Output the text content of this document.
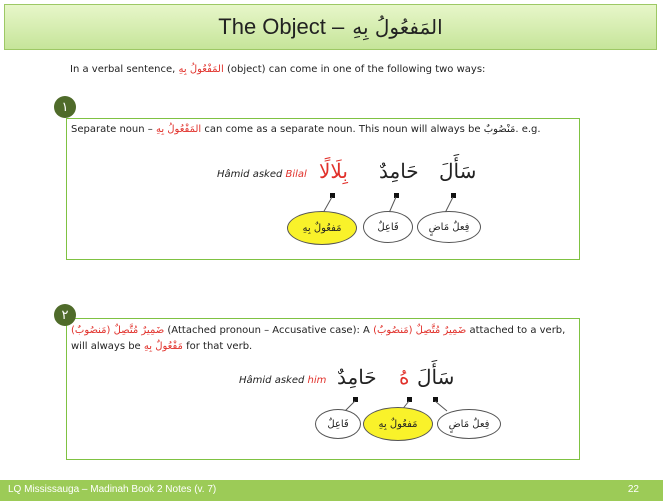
The Object – المَفعُولُ بِهِ
In a verbal sentence, المَفْعُولُ بِهِ (object) can come in one of the following two ways:
Separate noun – المَفْعُولُ بِهِ can come as a separate noun. This noun will always be مَنْصُوبٌ. e.g.
Hâmid asked Bilal بِلَالًا حَامِدٌ سَأَلَ
مَفعُولٌ بِهِ	فَاعِلٌ	فِعلٌ مَاضٍ
١
ضَمِيرٌ مُتَّصِلٌ (مَنصُوبٌ) (Attached pronoun – Accusative case): A ضَمِيرٌ مُتَّصِلٌ (مَنصُوبٌ) attached to a verb, will always be مَفْعُولٌ بِهِ for that verb.
Hâmid asked him حَامِدٌ هُ سَأَلَ
فَاعِلٌ	مَفعُولٌ بِهِ	فِعلٌ مَاضٍ
٢
LQ Mississauga – Madinah Book 2 Notes (v. 7)	22
